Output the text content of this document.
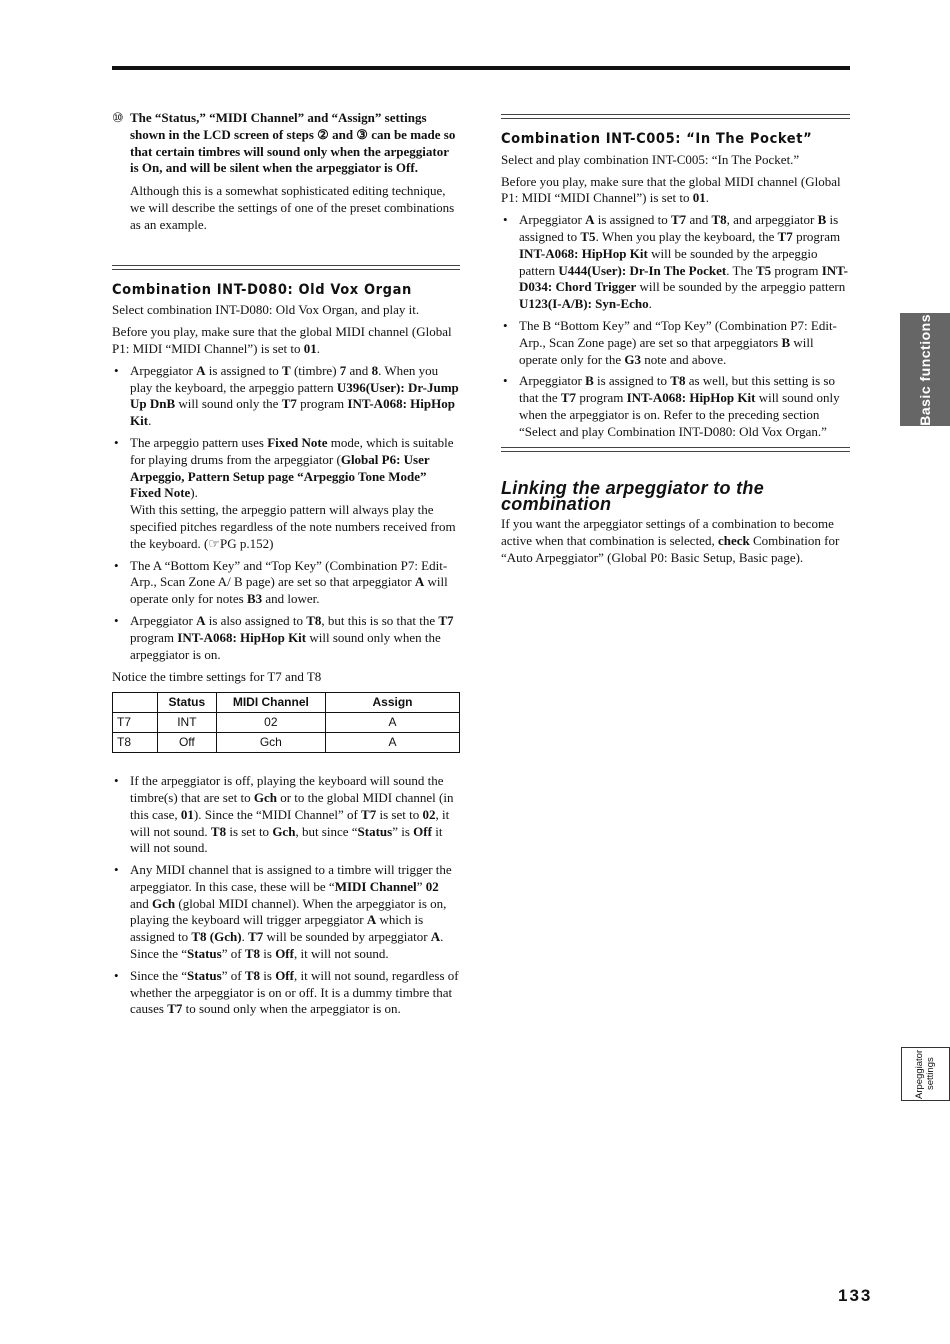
⑩ The “Status,” “MIDI Channel” and “Assign” settings shown in the LCD screen of steps ② and ③ can be made so that certain timbres will sound only when the arpeggiator is On, and will be silent when the arpeggiator is Off.

Although this is a somewhat sophisticated editing technique, we will describe the settings of one of the preset combinations as an example.

Combination INT-D080: Old Vox Organ

Select combination INT-D080: Old Vox Organ, and play it.

Before you play, make sure that the global MIDI channel (Global P1: MIDI “MIDI Channel”) is set to 01.

• Arpeggiator A is assigned to T (timbre) 7 and 8. When you play the keyboard, the arpeggio pattern U396(User): Dr-Jump Up DnB will sound only the T7 program INT-A068: HipHop Kit.
• The arpeggio pattern uses Fixed Note mode, which is suitable for playing drums from the arpeggiator (Global P6: User Arpeggio, Pattern Setup page “Arpeggio Tone Mode” Fixed Note).
With this setting, the arpeggio pattern will always play the specified pitches regardless of the note numbers received from the keyboard. (☞PG p.152)
• The A “Bottom Key” and “Top Key” (Combination P7: Edit-Arp., Scan Zone A/ B page) are set so that arpeggiator A will operate only for notes B3 and lower.
• Arpeggiator A is also assigned to T8, but this is so that the T7 program INT-A068: HipHop Kit will sound only when the arpeggiator is on.

Notice the timbre settings for T7 and T8

	Status	MIDI Channel	Assign
T7	INT	02	A
T8	Off	Gch	A
• If the arpeggiator is off, playing the keyboard will sound the timbre(s) that are set to Gch or to the global MIDI channel (in this case, 01). Since the “MIDI Channel” of T7 is set to 02, it will not sound. T8 is set to Gch, but since “Status” is Off it will not sound.
• Any MIDI channel that is assigned to a timbre will trigger the arpeggiator. In this case, these will be “MIDI Channel” 02 and Gch (global MIDI channel). When the arpeggiator is on, playing the keyboard will trigger arpeggiator A which is assigned to T8 (Gch). T7 will be sounded by arpeggiator A. Since the “Status” of T8 is Off, it will not sound.
• Since the “Status” of T8 is Off, it will not sound, regardless of whether the arpeggiator is on or off. It is a dummy timbre that causes T7 to sound only when the arpeggiator is on.
Combination INT-C005: “In The Pocket”

Select and play combination INT-C005: “In The Pocket.”

Before you play, make sure that the global MIDI channel (Global P1: MIDI “MIDI Channel”) is set to 01.

• Arpeggiator A is assigned to T7 and T8, and arpeggiator B is assigned to T5. When you play the keyboard, the T7 program INT-A068: HipHop Kit will be sounded by the arpeggio pattern U444(User): Dr-In The Pocket. The T5 program INT-D034: Chord Trigger will be sounded by the arpeggio pattern U123(I-A/B): Syn-Echo.
• The B “Bottom Key” and “Top Key” (Combination P7: Edit-Arp., Scan Zone page) are set so that arpeggiators B will operate only for the G3 note and above.
• Arpeggiator B is assigned to T8 as well, but this setting is so that the T7 program INT-A068: HipHop Kit will sound only when the arpeggiator is on. Refer to the preceding section “Select and play Combination INT-D080: Old Vox Organ.”
Linking the arpeggiator to the combination

If you want the arpeggiator settings of a combination to become active when that combination is selected, check Combination for “Auto Arpeggiator” (Global P0: Basic Setup, Basic page).

Basic functions
Arpeggiator settings
133
